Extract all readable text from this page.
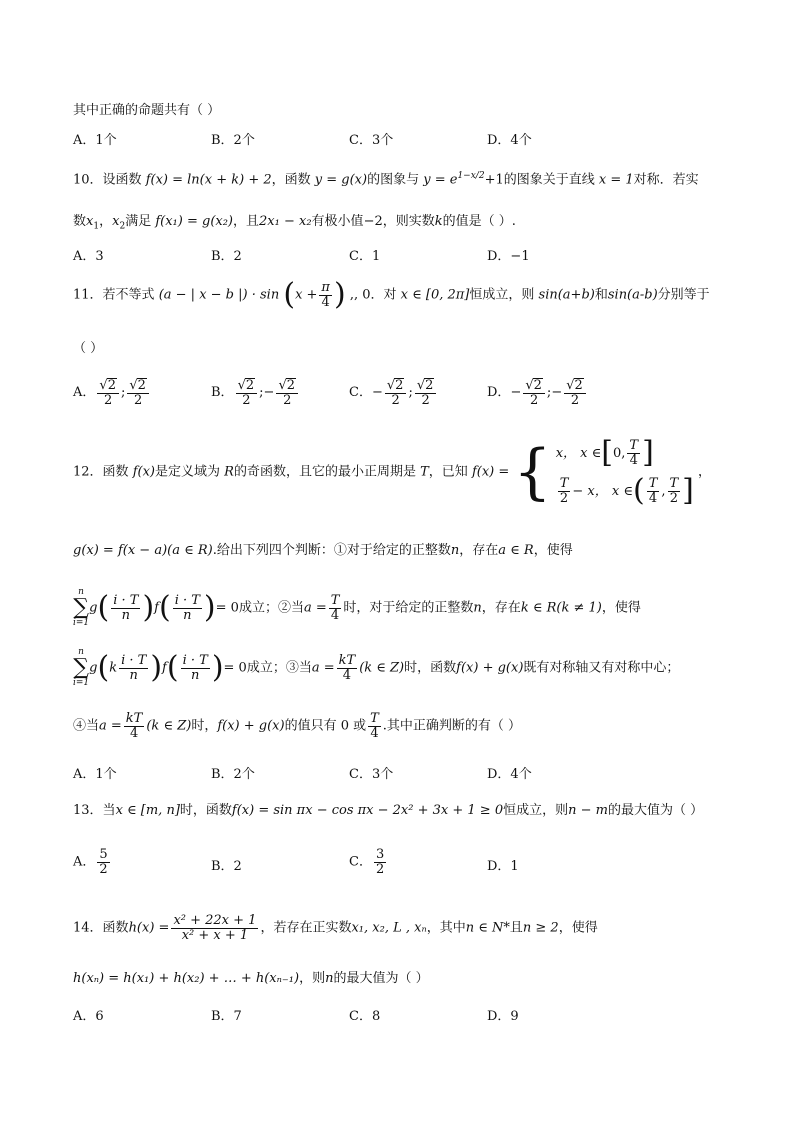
其中正确的命题共有（ ）
A．1个	B．2个	C．3个	D．4个
10．设函数 f(x) = ln(x + k) + 2，函数 y = g(x)的图象与 $y = e^{1-x/2}+1$的图象关于直线 x = 1对称．若实
数$x_1$，$x_2$满足 f(x₁) = g(x₂)，且2x₁ − x₂有极小值−2，则实数k的值是（ ）.
A．3	B．2	C．1	D．−1
11．若不等式 (a − | x − b |) · $\sin (x + \frac{\pi}{4}$ ) ,, 0．对 x ∈ [0, 2π]恒成立，则 sin(a+b)和sin(a-b)分别等于
（ ）
A． $\frac{√2}{2}$ ; $\frac{√2}{2}$	B． $\frac{√2}{2}$ ;− $\frac{√2}{2}$	C．− $\frac{√2}{2}$ ; $\frac{√2}{2}$	D．− $\frac{√2}{2}$ ;− $\frac{√2}{2}$
12．函数 f(x)是定义域为 R的奇函数，且它的最小正周期是 T，已知 f(x) = { x， x ∈ [ 0, $\frac{T}{4}$ ]
$\frac{T}{2} - x$， x ∈ ( $\frac{T}{4}$ , $\frac{T}{2}$ ]
，
g(x) = f(x − a)(a ∈ R).给出下列四个判断：①对于给定的正整数n，存在a ∈ R，使得
n
∑
$i=1g( \frac{i \cdot T}{n} )f( \frac{i \cdot T}{n}$ )= 0成立；②当$a = \frac{T}{4}$ 时，对于给定的正整数n，存在k ∈ R(k ≠ 1)，使得
n
∑
$i=1g(k \frac{i \cdot T}{n} )f( \frac{i \cdot T}{n}$ )= 0成立；③当$a = \frac{kT}{4} (k$ ∈ Z)时，函数f(x) + g(x)既有对称轴又有对称中心；
④当$a = \frac{kT}{4} (k$ ∈ Z)时，f(x) + g(x)的值只有 0 或 $\frac{T}{4}$ .其中正确判断的有（ ）
A．1个	B．2个	C．3个	D．4个
13．当x ∈ [m, n]时，函数f(x) = sin πx − cos πx − 2x² + 3x + 1 ≥ 0恒成立，则n − m的最大值为（ ）
A． $\frac{5}{2}$	B．2	C． $\frac{3}{2}$	D．1
14．函数$h(x) = \frac{\text{x² + 22x + 1}}{\text{x² + x + 1}}$ ，若存在正实数x₁, x₂, L , xₙ，其中n ∈ N*且n ≥ 2，使得
h(xₙ) = h(x₁) + h(x₂) + … + h(xₙ₋₁)，则n的最大值为（ ）
A．6	B．7	C．8	D．9
